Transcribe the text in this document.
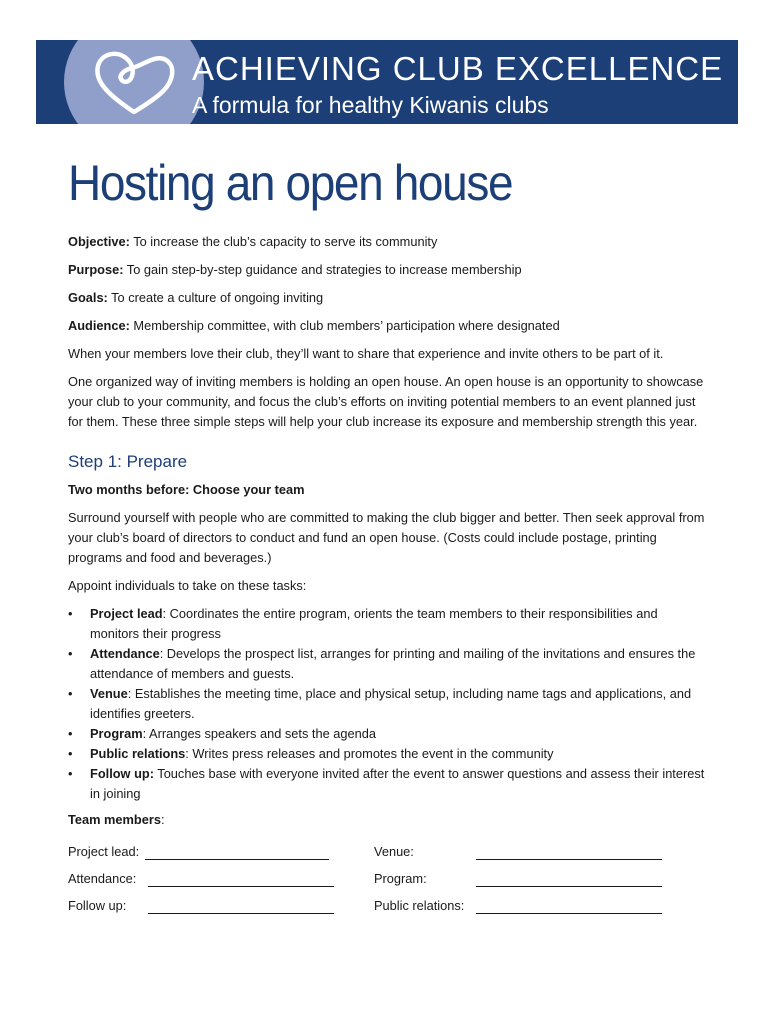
ACHIEVING CLUB EXCELLENCE
A formula for healthy Kiwanis clubs
Hosting an open house

Objective: To increase the club’s capacity to serve its community

Purpose: To gain step-by-step guidance and strategies to increase membership

Goals: To create a culture of ongoing inviting

Audience: Membership committee, with club members’ participation where designated

When your members love their club, they’ll want to share that experience and invite others to be part of it.

One organized way of inviting members is holding an open house. An open house is an opportunity to showcase your club to your community, and focus the club’s efforts on inviting potential members to an event planned just for them. These three simple steps will help your club increase its exposure and membership strength this year.

Step 1: Prepare

Two months before: Choose your team

Surround yourself with people who are committed to making the club bigger and better. Then seek approval from your club’s board of directors to conduct and fund an open house. (Costs could include postage, printing programs and food and beverages.)

Appoint individuals to take on these tasks:

• Project lead: Coordinates the entire program, orients the team members to their responsibilities and monitors their progress
• Attendance: Develops the prospect list, arranges for printing and mailing of the invitations and ensures the attendance of members and guests.
• Venue: Establishes the meeting time, place and physical setup, including name tags and applications, and identifies greeters.
• Program: Arranges speakers and sets the agenda
• Public relations: Writes press releases and promotes the event in the community
• Follow up: Touches base with everyone invited after the event to answer questions and assess their interest in joining

Team members:

Project lead:	Venue:
Attendance:	Program:
Follow up:	Public relations:
